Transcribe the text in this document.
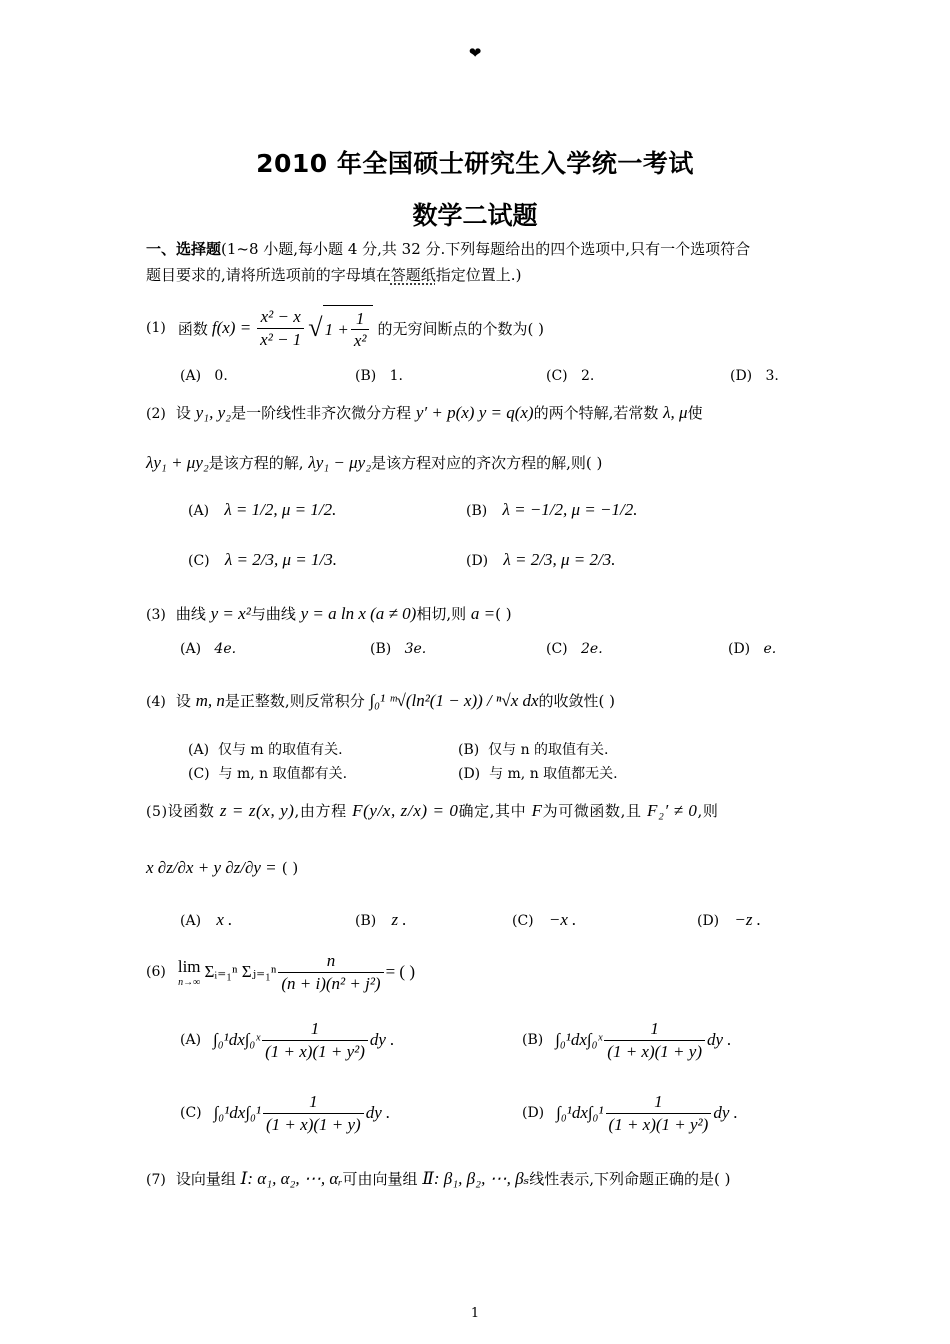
❤
2010 年全国硕士研究生入学统一考试
数学二试题
一、选择题(1~8 小题,每小题 4 分,共 32 分.下列每题给出的四个选项中,只有一个选项符合
题目要求的,请将所选项前的字母填在答题纸指定位置上.)
(1) 函数 $f(x) = \frac{\text{x² − x}}{\text{x² − 1}}$ √ $1 + \frac{1}{\text{x²}}$ 的无穷间断点的个数为( )
(A) 0.	(B) 1.	(C) 2.	(D) 3.
(2) 设 y₁, y₂是一阶线性非齐次微分方程 y′ + p(x) y = q(x)的两个特解,若常数 λ, μ使
λy₁ + μy₂是该方程的解, λy₁ − μy₂是该方程对应的齐次方程的解,则( )
(A) λ = 1/2, μ = 1/2.	(B) λ = −1/2, μ = −1/2.
(C) λ = 2/3, μ = 1/3.	(D) λ = 2/3, μ = 2/3.
(3) 曲线 y = x²与曲线 y = a ln x (a ≠ 0)相切,则 a =( )
(A) 4e.	(B) 3e.	(C) 2e.	(D) e.
(4) 设 m, n是正整数,则反常积分 ∫₀¹ ᵐ√(ln²(1 − x)) / ⁿ√x dx的收敛性( )
(A) 仅与 m 的取值有关.	(B) 仅与 n 的取值有关.
(C) 与 m, n 取值都有关.	(D) 与 m, n 取值都无关.
(5)设函数 z = z(x, y),由方程 F(y/x, z/x) = 0确定,其中 F为可微函数,且 F₂′ ≠ 0,则
x ∂z/∂x + y ∂z/∂y = ( )
(A) x .	(B) z .	(C) −x .	(D) −z .
(6) lim
n→∞
Σᵢ₌₁ⁿ Σⱼ₌₁ⁿ $\frac{n}{\text{(n + i)(n² + j²)}}$ = ( )
(A) ∫₀¹dx∫₀ˣ $\frac{1}{\text{(1 + x)(1 + y²)}}$ dy .	(B) ∫₀¹dx∫₀ˣ $\frac{1}{(1 + x)(1 + y)}$ dy .
(C) $\int_0^1dx\int_0^1 \frac{1}{(1 + x)(1 + y)}$ dy .	(D) $\int_0^1dx\int_0^1 \frac{1}{\text{(1 + x)(1 + y²)}}$ dy .
(7) 设向量组 Ⅰ: α₁, α₂, ⋯, αᵣ可由向量组 Ⅱ: β₁, β₂, ⋯, βₛ线性表示,下列命题正确的是( )
1
